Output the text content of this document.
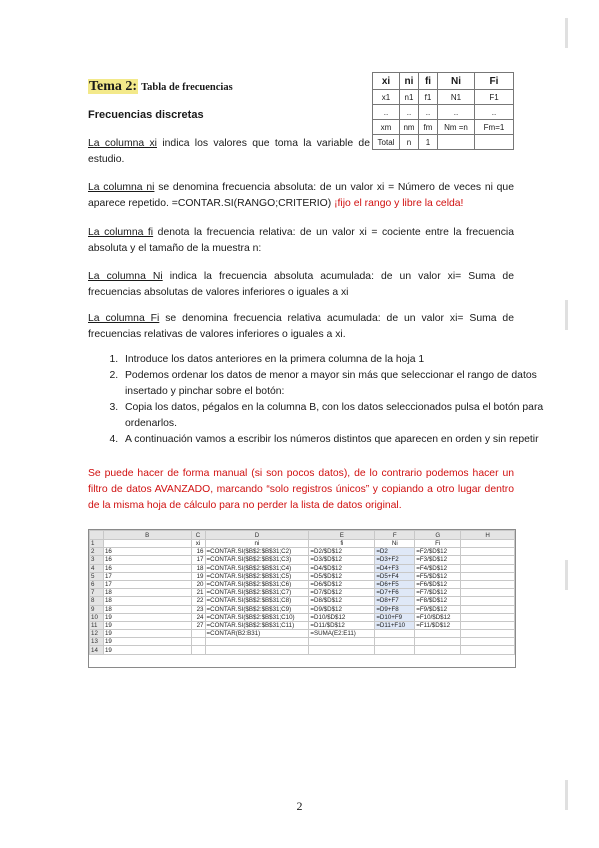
Tema 2: Tabla de frecuencias
Frecuencias discretas
xi	ni	fi	Ni	Fi
x1	n1	f1	N1	F1
..	..	..	..	..
xm	nm	fm	Nm =n	Fm=1
Total	n	1		
La columna xi indica los valores que toma la variable de estudio.
La columna ni se denomina frecuencia absoluta: de un valor xi = Número de veces ni que aparece repetido. =CONTAR.SI(RANGO;CRITERIO) ¡fijo el rango y libre la celda!
La columna fi denota la frecuencia relativa: de un valor xi = cociente entre la frecuencia absoluta y el tamaño de la muestra n:
La columna Ni indica la frecuencia absoluta acumulada: de un valor xi= Suma de frecuencias absolutas de valores inferiores o iguales a xi
La columna Fi se denomina frecuencia relativa acumulada: de un valor xi= Suma de frecuencias relativas de valores inferiores o iguales a xi.
1. Introduce los datos anteriores en la primera columna de la hoja 1
2. Podemos ordenar los datos de menor a mayor sin más que seleccionar el rango de datos insertado y pinchar sobre el botón:
3. Copia los datos, pégalos en la columna B, con los datos seleccionados pulsa el botón para ordenarlos.
4. A continuación vamos a escribir los números distintos que aparecen en orden y sin repetir
Se puede hacer de forma manual (si son pocos datos), de lo contrario podemos hacer un filtro de datos AVANZADO, marcando “solo registros únicos” y copiando a otro lugar dentro de la misma hoja de cálculo para no perder la lista de datos original.
	B	C	D	E	F	G	H
1		xi	ni	fi	Ni	Fi	
2	16	16	=CONTAR.SI($B$2:$B$31;C2)	=D2/$D$12	=D2	=F2/$D$12	
3	16	17	=CONTAR.SI($B$2:$B$31;C3)	=D3/$D$12	=D3+F2	=F3/$D$12	
4	16	18	=CONTAR.SI($B$2:$B$31;C4)	=D4/$D$12	=D4+F3	=F4/$D$12	
5	17	19	=CONTAR.SI($B$2:$B$31;C5)	=D5/$D$12	=D5+F4	=F5/$D$12	
6	17	20	=CONTAR.SI($B$2:$B$31;C6)	=D6/$D$12	=D6+F5	=F6/$D$12	
7	18	21	=CONTAR.SI($B$2:$B$31;C7)	=D7/$D$12	=D7+F6	=F7/$D$12	
8	18	22	=CONTAR.SI($B$2:$B$31;C8)	=D8/$D$12	=D8+F7	=F8/$D$12	
9	18	23	=CONTAR.SI($B$2:$B$31;C9)	=D9/$D$12	=D9+F8	=F9/$D$12	
10	19	24	=CONTAR.SI($B$2:$B$31;C10)	=D10/$D$12	=D10+F9	=F10/$D$12	
11	19	27	=CONTAR.SI($B$2:$B$31;C11)	=D11/$D$12	=D11+F10	=F11/$D$12	
12	19		=CONTAR(B2:B31)	=SUMA(E2:E11)			
13	19						
14	19						
2
